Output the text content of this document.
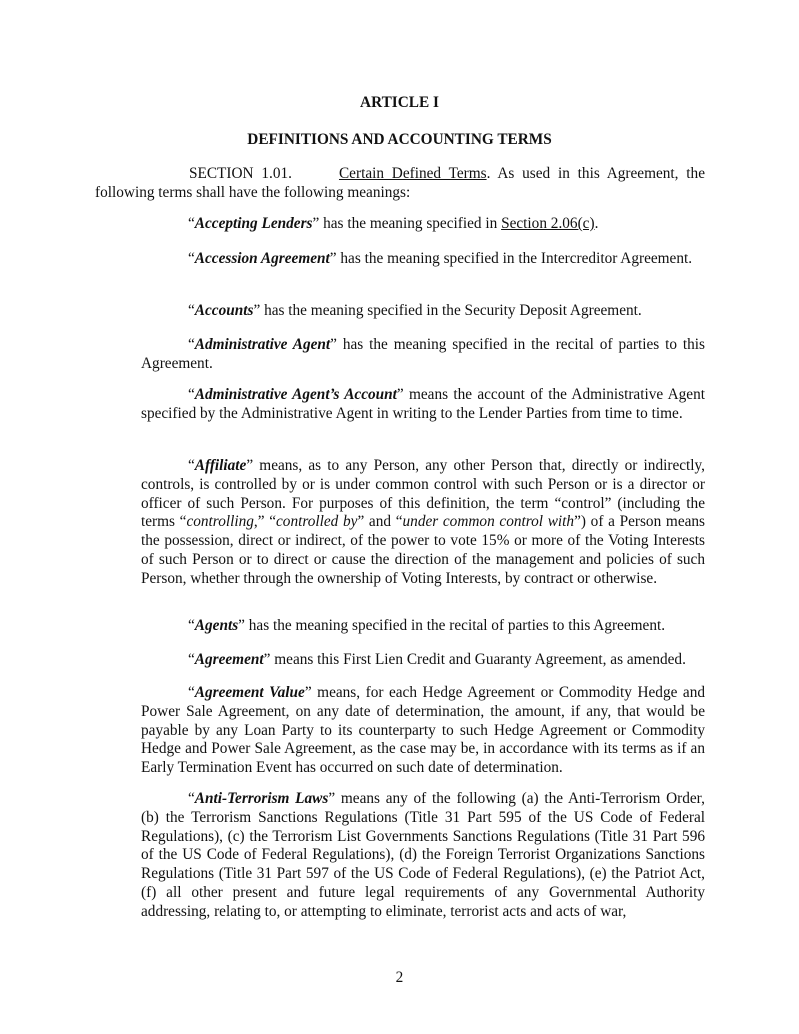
ARTICLE I

DEFINITIONS AND ACCOUNTING TERMS

SECTION 1.01.	Certain Defined Terms. As used in this Agreement, the following terms shall have the following meanings:

“Accepting Lenders” has the meaning specified in Section 2.06(c).

“Accession Agreement” has the meaning specified in the Intercreditor Agreement.

“Accounts” has the meaning specified in the Security Deposit Agreement.

“Administrative Agent” has the meaning specified in the recital of parties to this Agreement.

“Administrative Agent’s Account” means the account of the Administrative Agent specified by the Administrative Agent in writing to the Lender Parties from time to time.

“Affiliate” means, as to any Person, any other Person that, directly or indirectly, controls, is controlled by or is under common control with such Person or is a director or officer of such Person. For purposes of this definition, the term “control” (including the terms “controlling,” “controlled by” and “under common control with”) of a Person means the possession, direct or indirect, of the power to vote 15% or more of the Voting Interests of such Person or to direct or cause the direction of the management and policies of such Person, whether through the ownership of Voting Interests, by contract or otherwise.

“Agents” has the meaning specified in the recital of parties to this Agreement.

“Agreement” means this First Lien Credit and Guaranty Agreement, as amended.

“Agreement Value” means, for each Hedge Agreement or Commodity Hedge and Power Sale Agreement, on any date of determination, the amount, if any, that would be payable by any Loan Party to its counterparty to such Hedge Agreement or Commodity Hedge and Power Sale Agreement, as the case may be, in accordance with its terms as if an Early Termination Event has occurred on such date of determination.

“Anti-Terrorism Laws” means any of the following (a) the Anti-Terrorism Order, (b) the Terrorism Sanctions Regulations (Title 31 Part 595 of the US Code of Federal Regulations), (c) the Terrorism List Governments Sanctions Regulations (Title 31 Part 596 of the US Code of Federal Regulations), (d) the Foreign Terrorist Organizations Sanctions Regulations (Title 31 Part 597 of the US Code of Federal Regulations), (e) the Patriot Act, (f) all other present and future legal requirements of any Governmental Authority addressing, relating to, or attempting to eliminate, terrorist acts and acts of war,

2
